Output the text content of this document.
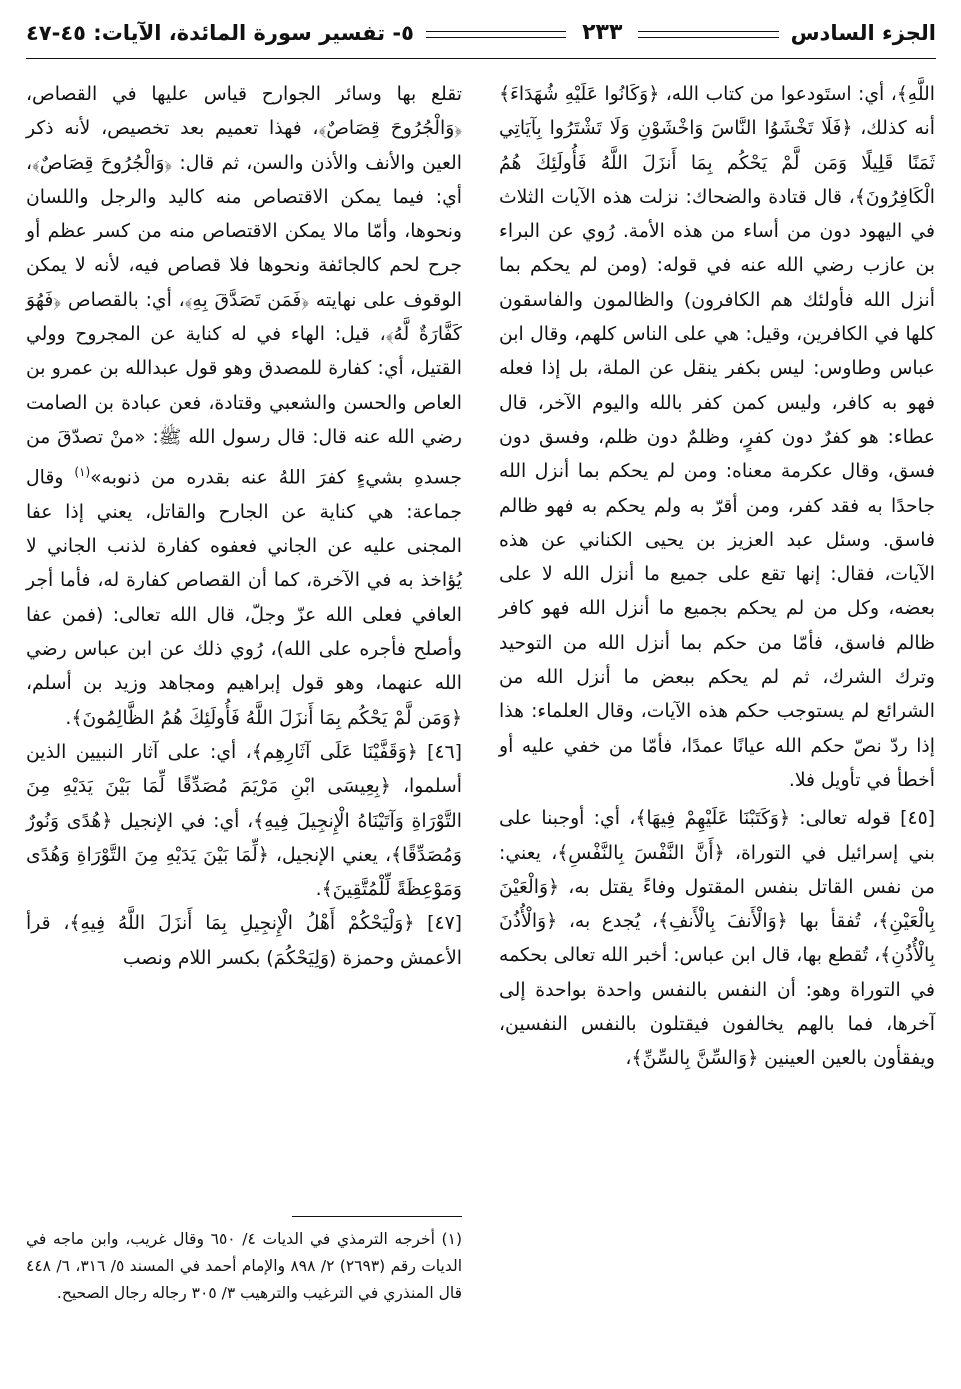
الجزء السادس
٢٣٣
٥- تفسير سورة المائدة، الآيات: ٤٥-٤٧

اللَّهِ﴾، أي: استَودعوا من كتاب الله، ﴿وَكَانُوا عَلَيْهِ شُهَدَاءَ﴾ أنه كذلك، ﴿فَلَا تَخْشَوُا النَّاسَ وَاخْشَوْنِ وَلَا تَشْتَرُوا بِآيَاتِي ثَمَنًا قَلِيلًا وَمَن لَّمْ يَحْكُم بِمَا أَنزَلَ اللَّهُ فَأُولَئِكَ هُمُ الْكَافِرُونَ﴾، قال قتادة والضحاك: نزلت هذه الآيات الثلاث في اليهود دون من أساء من هذه الأمة. رُوي عن البراء بن عازب رضي الله عنه في قوله: (ومن لم يحكم بما أنزل الله فأولئك هم الكافرون) والظالمون والفاسقون كلها في الكافرين، وقيل: هي على الناس كلهم، وقال ابن عباس وطاوس: ليس بكفر ينقل عن الملة، بل إذا فعله فهو به كافر، وليس كمن كفر بالله واليوم الآخر، قال عطاء: هو كفرٌ دون كفرٍ، وظلمٌ دون ظلم، وفسق دون فسق، وقال عكرمة معناه: ومن لم يحكم بما أنزل الله جاحدًا به فقد كفر، ومن أقرّ به ولم يحكم به فهو ظالم فاسق. وسئل عبد العزيز بن يحيى الكناني عن هذه الآيات، فقال: إنها تقع على جميع ما أنزل الله لا على بعضه، وكل من لم يحكم بجميع ما أنزل الله فهو كافر ظالم فاسق، فأمّا من حكم بما أنزل الله من التوحيد وترك الشرك، ثم لم يحكم ببعض ما أنزل الله من الشرائع لم يستوجب حكم هذه الآيات، وقال العلماء: هذا إذا ردّ نصّ حكم الله عيانًا عمدًا، فأمّا من خفي عليه أو أخطأ في تأويل فلا.

[٤٥] قوله تعالى: ﴿وَكَتَبْنَا عَلَيْهِمْ فِيهَا﴾، أي: أوجبنا على بني إسرائيل في التوراة، ﴿أَنَّ النَّفْسَ بِالنَّفْسِ﴾، يعني: من نفس القاتل بنفس المقتول وفاءً يقتل به، ﴿وَالْعَيْنَ بِالْعَيْنِ﴾، تُفقأ بها ﴿وَالْأَنفَ بِالْأَنفِ﴾، يُجدع به، ﴿وَالْأُذُنَ بِالْأُذُنِ﴾، تُقطع بها، قال ابن عباس: أخبر الله تعالى بحكمه في التوراة وهو: أن النفس بالنفس واحدة بواحدة إلى آخرها، فما بالهم يخالفون فيقتلون بالنفس النفسين، ويفقأون بالعين العينين ﴿وَالسِّنَّ بِالسِّنِّ﴾،

تقلع بها وسائر الجوارح قياس عليها في القصاص، ﴿وَالْجُرُوحَ قِصَاصٌ﴾، فهذا تعميم بعد تخصيص، لأنه ذكر العين والأنف والأذن والسن، ثم قال: ﴿وَالْجُرُوحَ قِصَاصٌ﴾، أي: فيما يمكن الاقتصاص منه كاليد والرجل واللسان ونحوها، وأمّا مالا يمكن الاقتصاص منه من كسر عظم أو جرح لحم كالجائفة ونحوها فلا قصاص فيه، لأنه لا يمكن الوقوف على نهايته ﴿فَمَن تَصَدَّقَ بِهِ﴾، أي: بالقصاص ﴿فَهُوَ كَفَّارَةٌ لَّهُ﴾، قيل: الهاء في له كناية عن المجروح وولي القتيل، أي: كفارة للمصدق وهو قول عبدالله بن عمرو بن العاص والحسن والشعبي وقتادة، فعن عبادة بن الصامت رضي الله عنه قال: قال رسول الله ﷺ: «منْ تصدّقَ من جسدهِ بشيءٍ كفرَ اللهُ عنه بقدره من ذنوبه»$^{(١)}$ وقال جماعة: هي كناية عن الجارح والقاتل، يعني إذا عفا المجنى عليه عن الجاني فعفوه كفارة لذنب الجاني لا يُؤاخذ به في الآخرة، كما أن القصاص كفارة له، فأما أجر العافي فعلى الله عزّ وجلّ، قال الله تعالى: (فمن عفا وأصلح فأجره على الله)، رُوي ذلك عن ابن عباس رضي الله عنهما، وهو قول إبراهيم ومجاهد وزيد بن أسلم، ﴿وَمَن لَّمْ يَحْكُم بِمَا أَنزَلَ اللَّهُ فَأُولَئِكَ هُمُ الظَّالِمُونَ﴾.

[٤٦] ﴿وَقَفَّيْنَا عَلَى آثَارِهِم﴾، أي: على آثار النبيين الذين أسلموا، ﴿بِعِيسَى ابْنِ مَرْيَمَ مُصَدِّقًا لِّمَا بَيْنَ يَدَيْهِ مِنَ التَّوْرَاةِ وَآتَيْنَاهُ الْإِنجِيلَ فِيهِ﴾، أي: في الإنجيل ﴿هُدًى وَنُورٌ وَمُصَدِّقًا﴾، يعني الإنجيل، ﴿لِّمَا بَيْنَ يَدَيْهِ مِنَ التَّوْرَاةِ وَهُدًى وَمَوْعِظَةً لِّلْمُتَّقِينَ﴾.

[٤٧] ﴿وَلْيَحْكُمْ أَهْلُ الْإِنجِيلِ بِمَا أَنزَلَ اللَّهُ فِيهِ﴾، قرأ الأعمش وحمزة (وَلِيَحْكُمَ) بكسر اللام ونصب

(١) أخرجه الترمذي في الديات ٤/ ٦٥٠ وقال غريب، وابن ماجه في الديات رقم (٢٦٩٣) ٢/ ٨٩٨ والإمام أحمد في المسند ٥/ ٣١٦، ٦/ ٤٤٨ قال المنذري في الترغيب والترهيب ٣/ ٣٠٥ رجاله رجال الصحيح.
